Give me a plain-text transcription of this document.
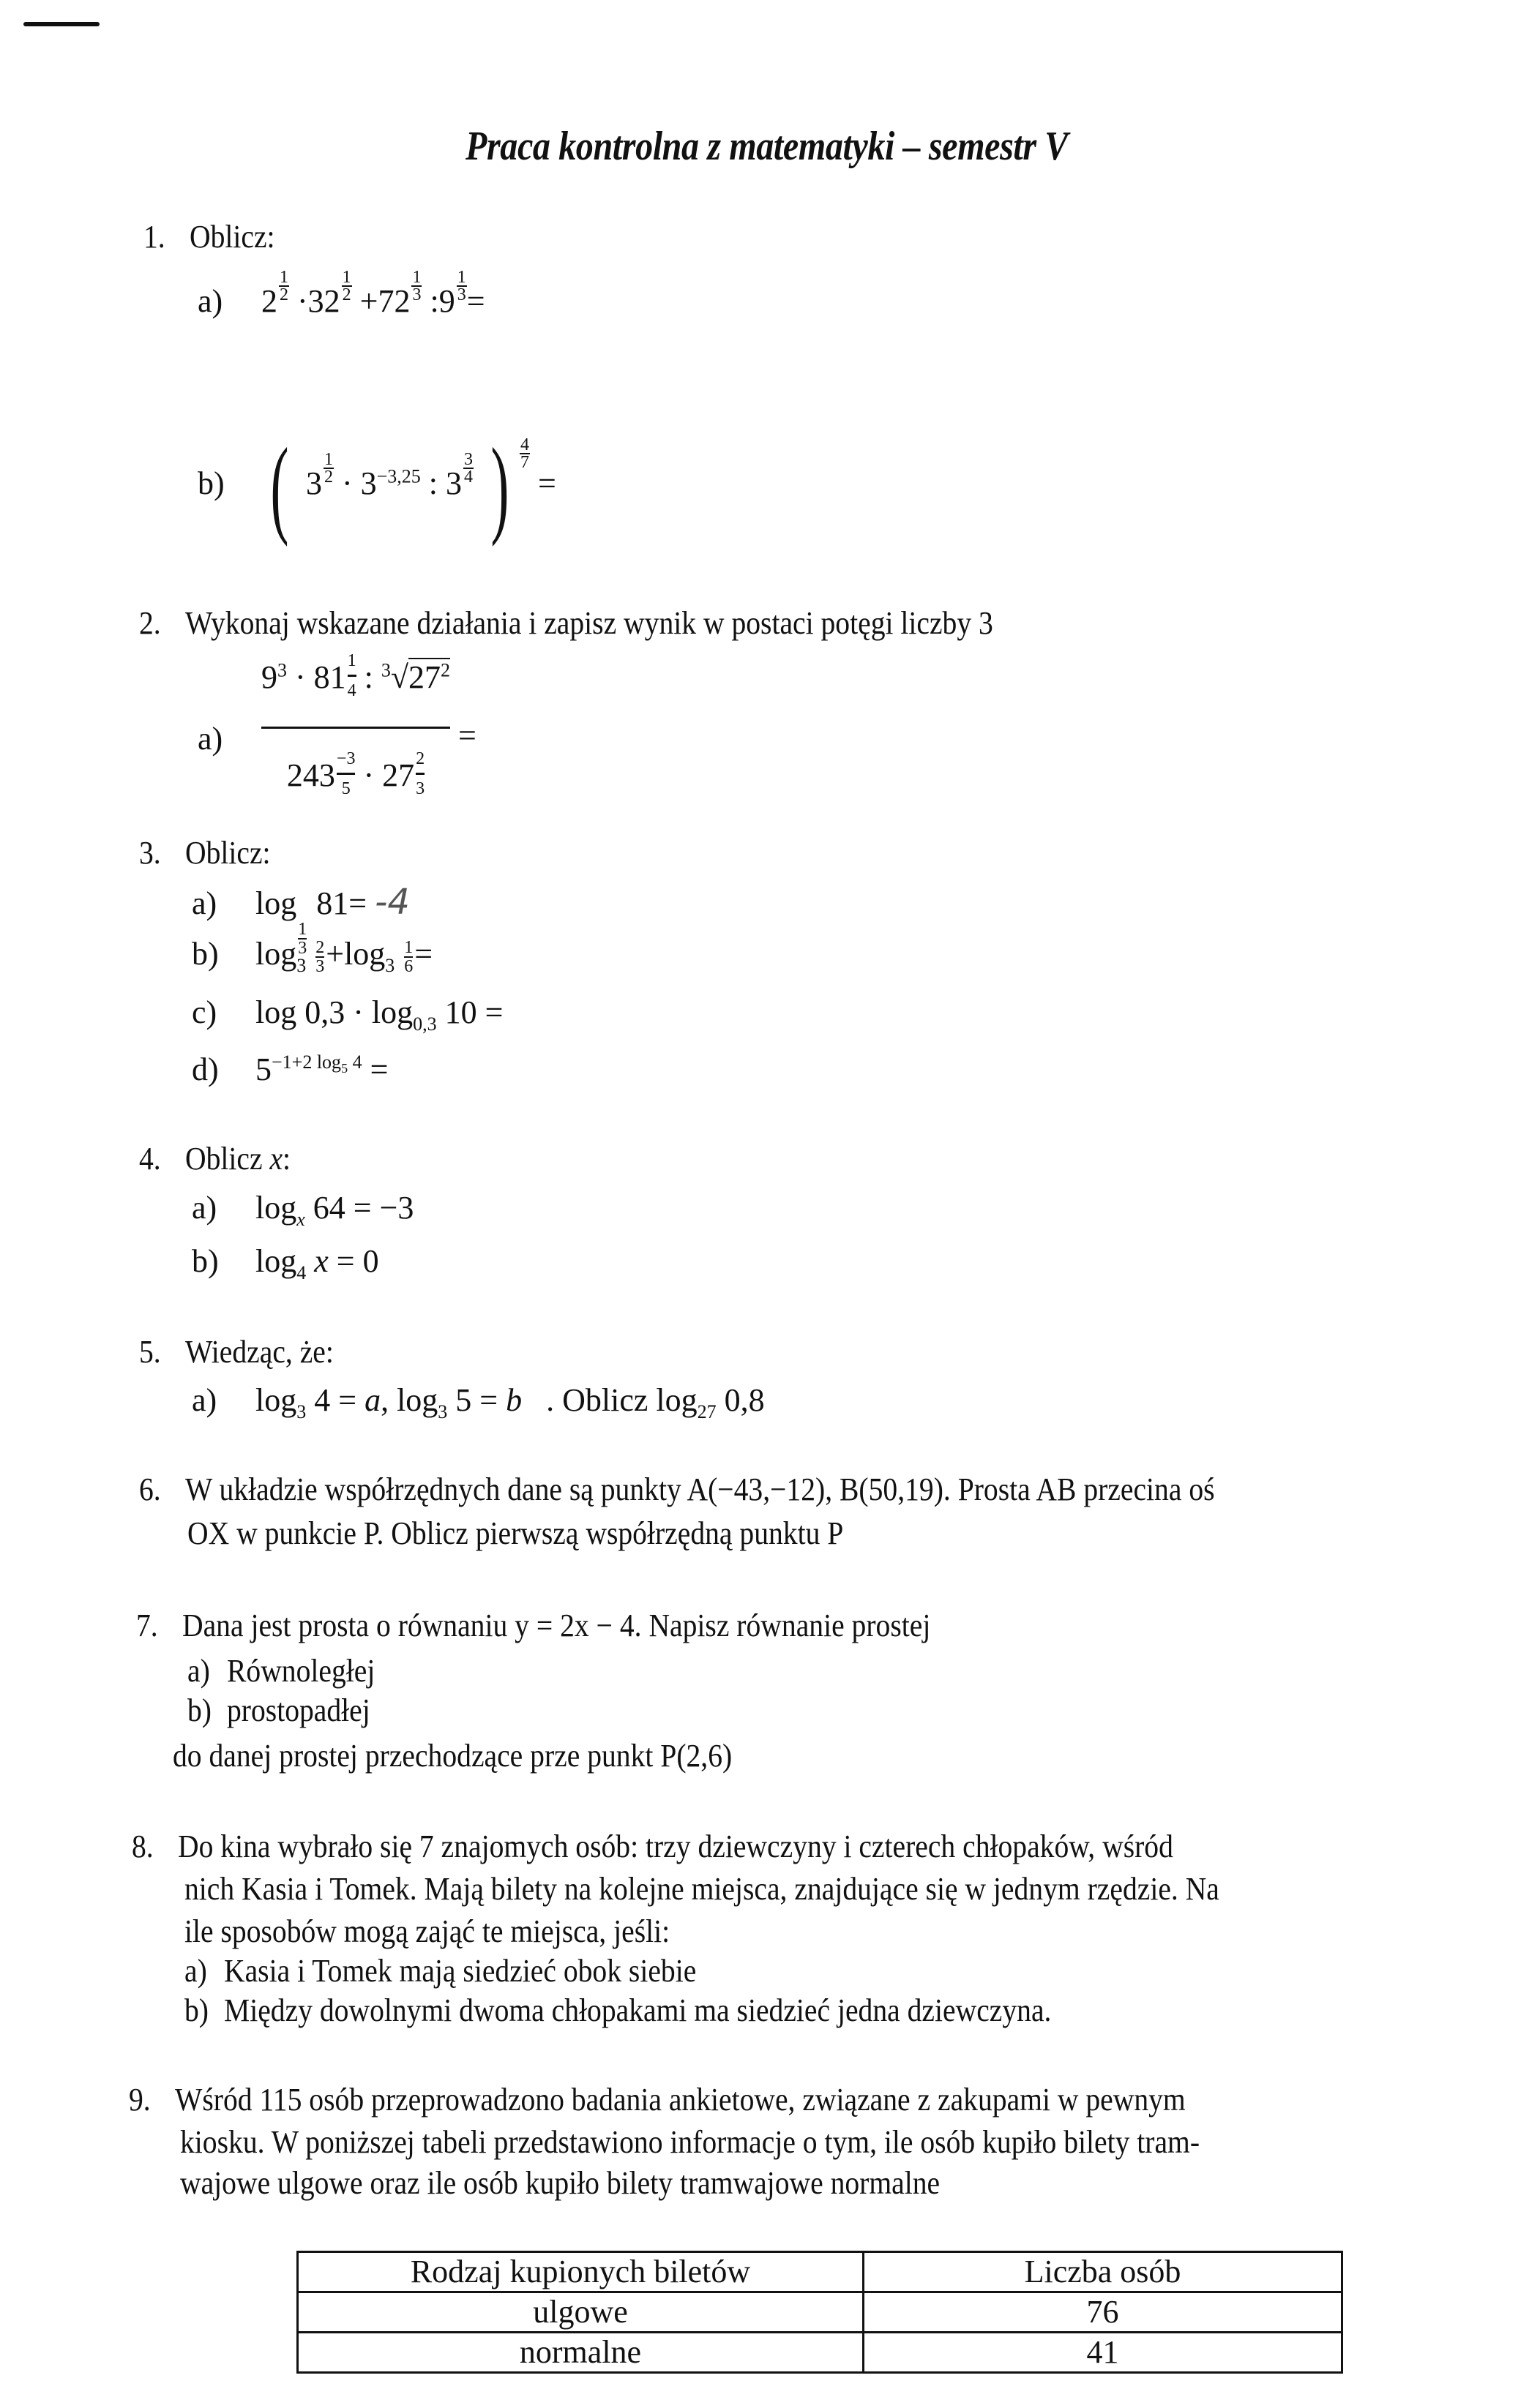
Praca kontrolna z matematyki – semestr V
1. Oblicz:
a) $2 \frac{1}{2} \cdot 32 \frac{1}{2} +72 \frac{1}{3}$ :9 $\frac{1}{3}$ =
b) ( $3 \frac{1}{2} \cdot 3^{-3,25}$ : $3 \frac{3}{4}$ ) $\frac{4}{7}$
=
2. Wykonaj wskazane działania i zapisz wynik w postaci potęgi liczby 3
$a) \frac{9^3 \cdot 81 \frac{1}{4} : ^3√27^2}{243 \frac{-3}{5} \cdot 27 \frac{2}{3}}$ =
3. Oblicz:
a) log
$\frac{1}{3}$
81= -4
b) $\log_3 \frac{2}{3} +\log_3 \frac{1}{6}$ =
c) $\log 0,3 \cdot \log_{0,3} 10$ =
d) $5^{-1+2 log_5 4}$ =
4. Oblicz x:
a) $\log_x 64 = -3$
b) $\log_4 x = 0$
5. Wiedząc, że:
a) $\log_3 4 = a$, $\log_3 5 = b$ . Oblicz $\log_{27} 0,8$
6. W układzie współrzędnych dane są punkty A(−43,−12), B(50,19). Prosta AB przecina oś
OX w punkcie P. Oblicz pierwszą współrzędną punktu P
7. Dana jest prosta o równaniu y = 2x − 4. Napisz równanie prostej
a) Równoległej
b) prostopadłej
do danej prostej przechodzące prze punkt P(2,6)
8. Do kina wybrało się 7 znajomych osób: trzy dziewczyny i czterech chłopaków, wśród
nich Kasia i Tomek. Mają bilety na kolejne miejsca, znajdujące się w jednym rzędzie. Na
ile sposobów mogą zająć te miejsca, jeśli:
a) Kasia i Tomek mają siedzieć obok siebie
b) Między dowolnymi dwoma chłopakami ma siedzieć jedna dziewczyna.
9. Wśród 115 osób przeprowadzono badania ankietowe, związane z zakupami w pewnym
kiosku. W poniższej tabeli przedstawiono informacje o tym, ile osób kupiło bilety tram-
wajowe ulgowe oraz ile osób kupiło bilety tramwajowe normalne
Rodzaj kupionych biletów	Liczba osób
ulgowe	76
normalne	41
